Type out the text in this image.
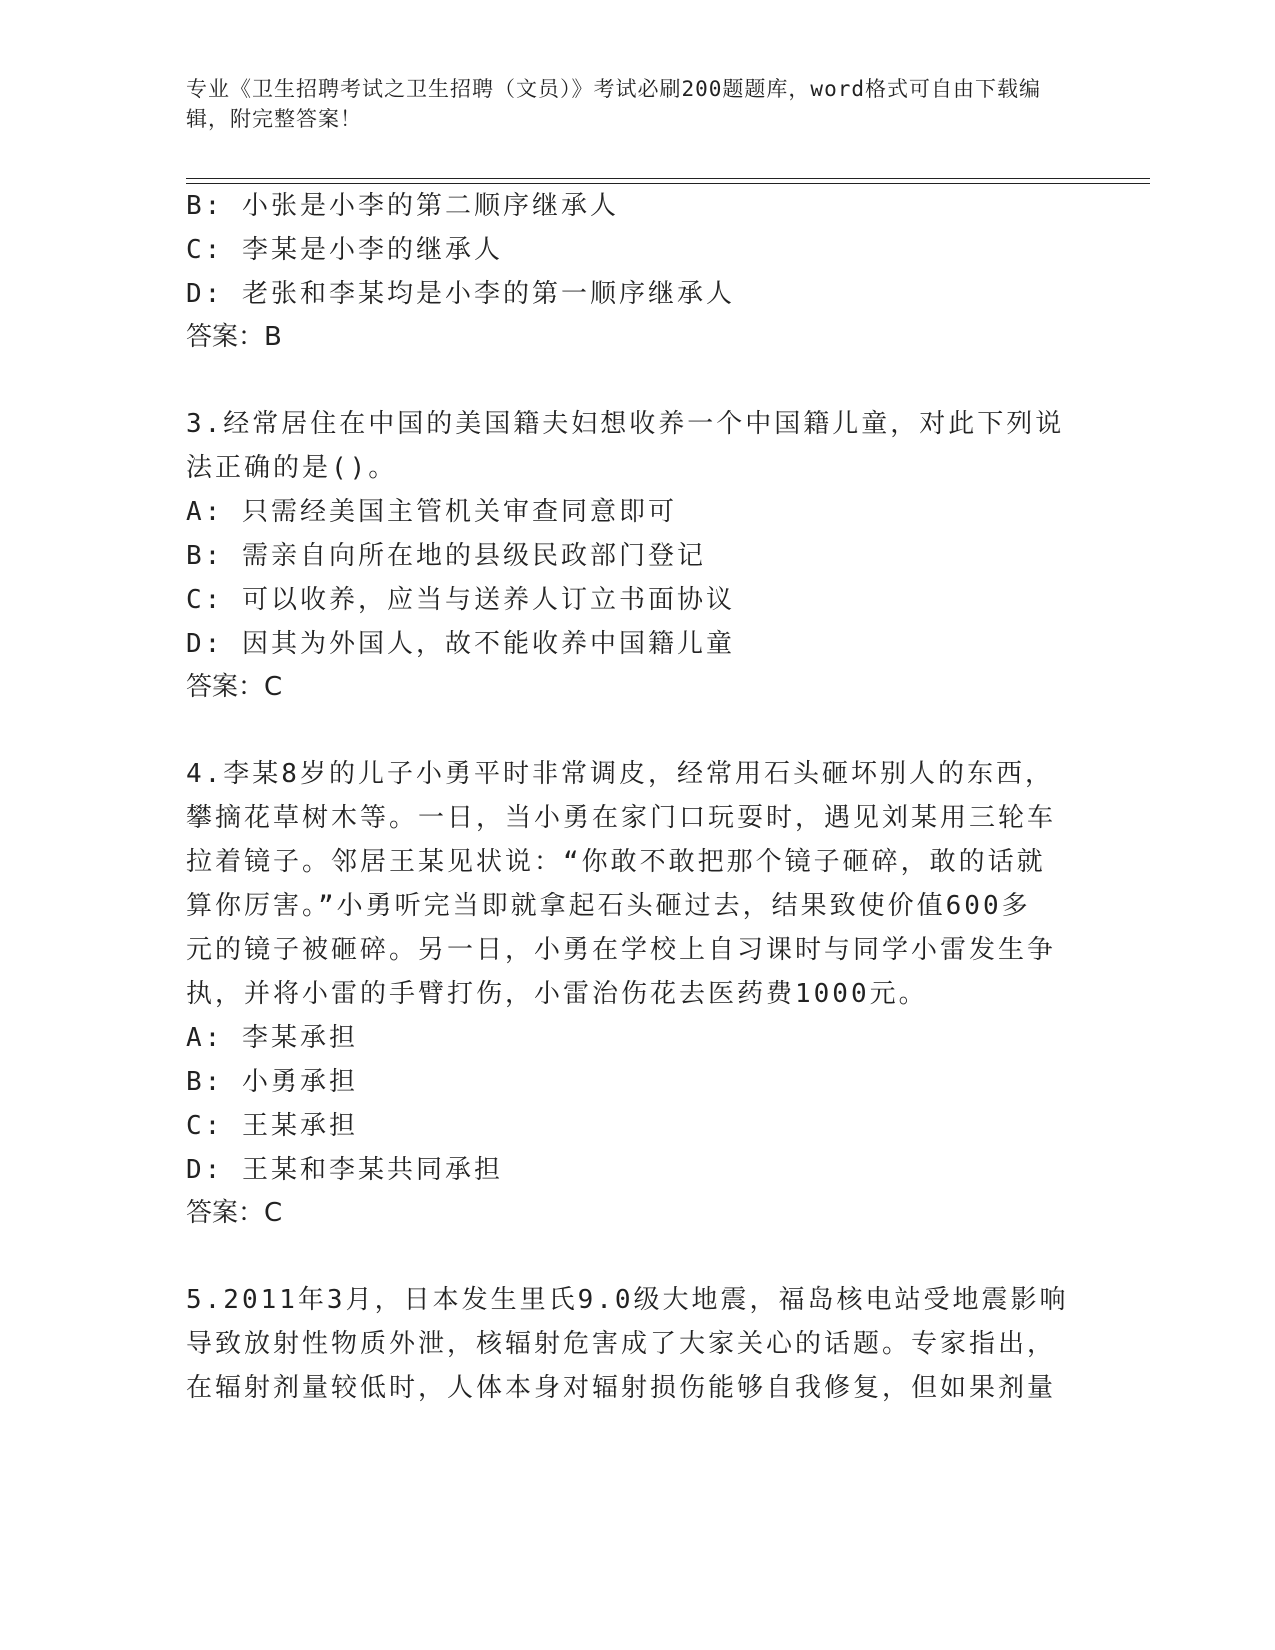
专业《卫生招聘考试之卫生招聘（文员）》考试必刷200题题库，word格式可自由下载编辑，附完整答案！
B: 小张是小李的第二顺序继承人
C: 李某是小李的继承人
D: 老张和李某均是小李的第一顺序继承人
答案：B
3.经常居住在中国的美国籍夫妇想收养一个中国籍儿童，对此下列说
法正确的是()。
A: 只需经美国主管机关审查同意即可
B: 需亲自向所在地的县级民政部门登记
C: 可以收养，应当与送养人订立书面协议
D: 因其为外国人，故不能收养中国籍儿童
答案：C
4.李某8岁的儿子小勇平时非常调皮，经常用石头砸坏别人的东西，
攀摘花草树木等。一日，当小勇在家门口玩耍时，遇见刘某用三轮车
拉着镜子。邻居王某见状说：“你敢不敢把那个镜子砸碎，敢的话就
算你厉害。”小勇听完当即就拿起石头砸过去，结果致使价值600多
元的镜子被砸碎。另一日，小勇在学校上自习课时与同学小雷发生争
执，并将小雷的手臂打伤，小雷治伤花去医药费1000元。
A: 李某承担
B: 小勇承担
C: 王某承担
D: 王某和李某共同承担
答案：C
5.2011年3月，日本发生里氏9.0级大地震，福岛核电站受地震影响
导致放射性物质外泄，核辐射危害成了大家关心的话题。专家指出，
在辐射剂量较低时，人体本身对辐射损伤能够自我修复，但如果剂量
